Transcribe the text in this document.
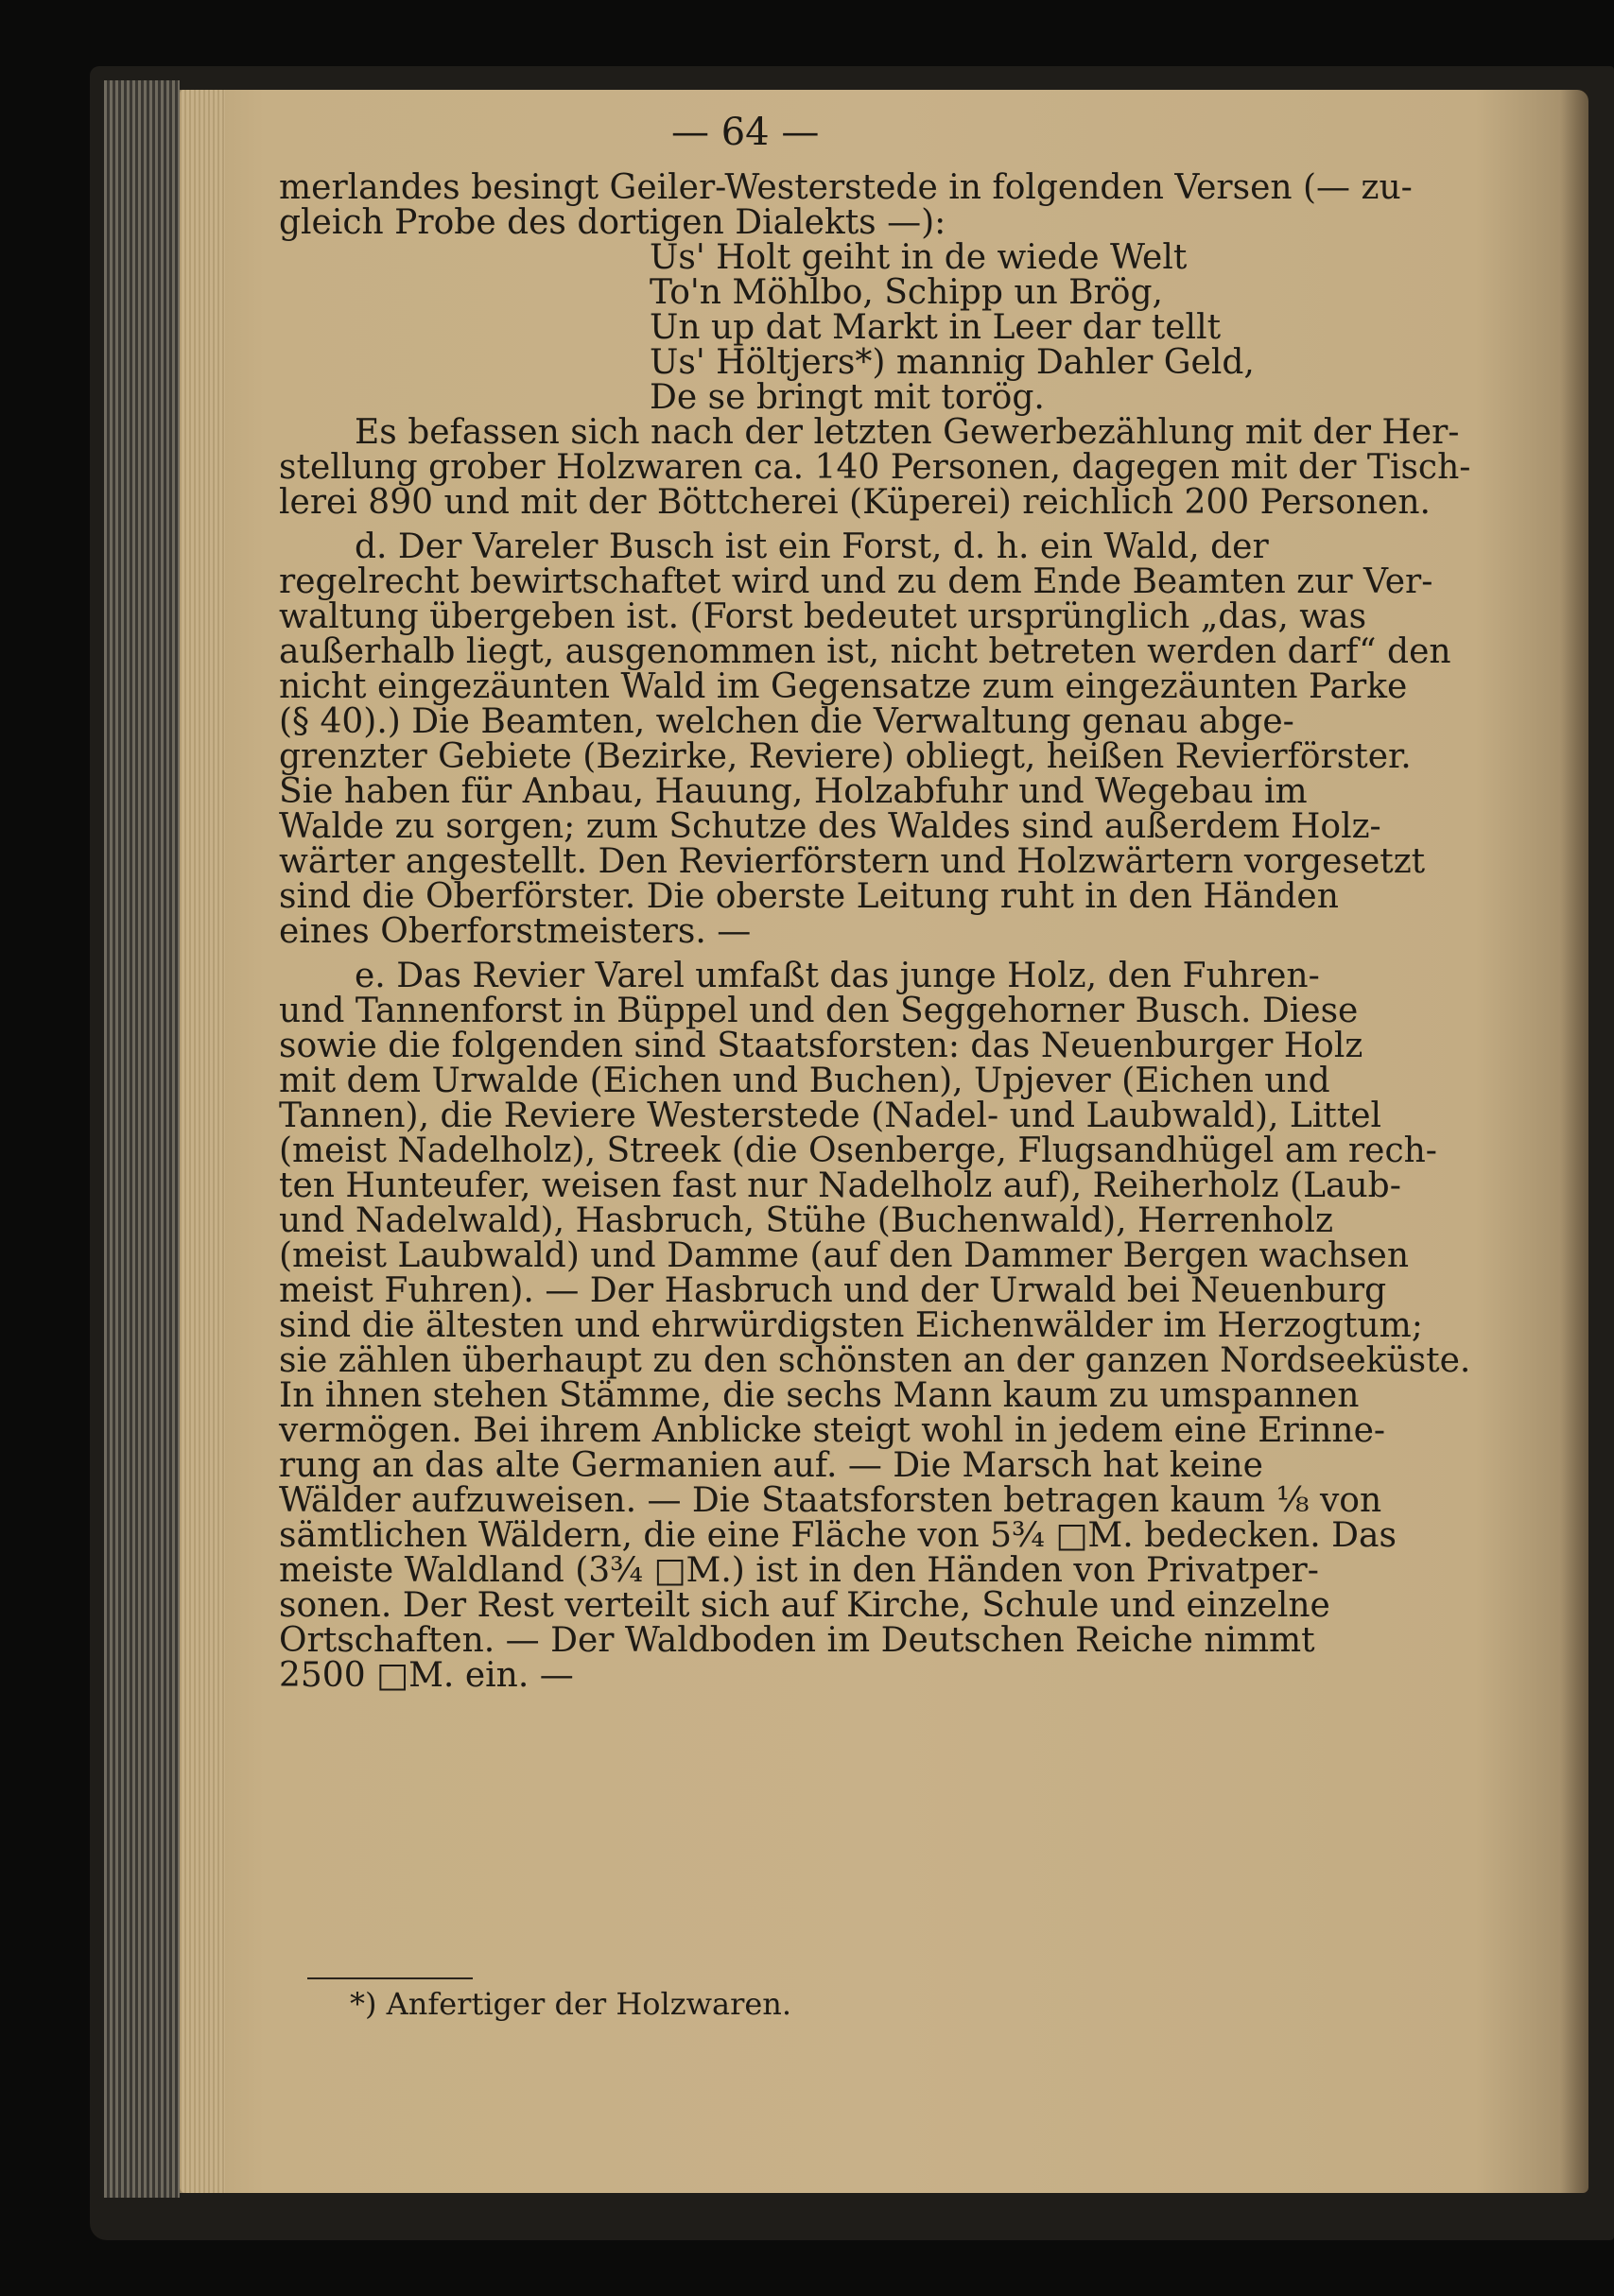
— 64 —
merlandes besingt Geiler-Westerstede in folgenden Versen (— zu-
gleich Probe des dortigen Dialekts —):
Us' Holt geiht in de wiede Welt
To'n Möhlbo, Schipp un Brög,
Un up dat Markt in Leer dar tellt
Us' Höltjers*) mannig Dahler Geld,
De se bringt mit torög.
Es befassen sich nach der letzten Gewerbezählung mit der Her-
stellung grober Holzwaren ca. 140 Personen, dagegen mit der Tisch-
lerei 890 und mit der Böttcherei (Küperei) reichlich 200 Personen.
d. Der Vareler Busch ist ein Forst, d. h. ein Wald, der
regelrecht bewirtschaftet wird und zu dem Ende Beamten zur Ver-
waltung übergeben ist. (Forst bedeutet ursprünglich „das, was
außerhalb liegt, ausgenommen ist, nicht betreten werden darf“ den
nicht eingezäunten Wald im Gegensatze zum eingezäunten Parke
(§ 40).) Die Beamten, welchen die Verwaltung genau abge-
grenzter Gebiete (Bezirke, Reviere) obliegt, heißen Revierförster.
Sie haben für Anbau, Hauung, Holzabfuhr und Wegebau im
Walde zu sorgen; zum Schutze des Waldes sind außerdem Holz-
wärter angestellt. Den Revierförstern und Holzwärtern vorgesetzt
sind die Oberförster. Die oberste Leitung ruht in den Händen
eines Oberforstmeisters. —
e. Das Revier Varel umfaßt das junge Holz, den Fuhren-
und Tannenforst in Büppel und den Seggehorner Busch. Diese
sowie die folgenden sind Staatsforsten: das Neuenburger Holz
mit dem Urwalde (Eichen und Buchen), Upjever (Eichen und
Tannen), die Reviere Westerstede (Nadel- und Laubwald), Littel
(meist Nadelholz), Streek (die Osenberge, Flugsandhügel am rech-
ten Hunteufer, weisen fast nur Nadelholz auf), Reiherholz (Laub-
und Nadelwald), Hasbruch, Stühe (Buchenwald), Herrenholz
(meist Laubwald) und Damme (auf den Dammer Bergen wachsen
meist Fuhren). — Der Hasbruch und der Urwald bei Neuenburg
sind die ältesten und ehrwürdigsten Eichenwälder im Herzogtum;
sie zählen überhaupt zu den schönsten an der ganzen Nordseeküste.
In ihnen stehen Stämme, die sechs Mann kaum zu umspannen
vermögen. Bei ihrem Anblicke steigt wohl in jedem eine Erinne-
rung an das alte Germanien auf. — Die Marsch hat keine
Wälder aufzuweisen. — Die Staatsforsten betragen kaum ⅛ von
sämtlichen Wäldern, die eine Fläche von 5¾ □M. bedecken. Das
meiste Waldland (3¾ □M.) ist in den Händen von Privatper-
sonen. Der Rest verteilt sich auf Kirche, Schule und einzelne
Ortschaften. — Der Waldboden im Deutschen Reiche nimmt
2500 □M. ein. —
*) Anfertiger der Holzwaren.
